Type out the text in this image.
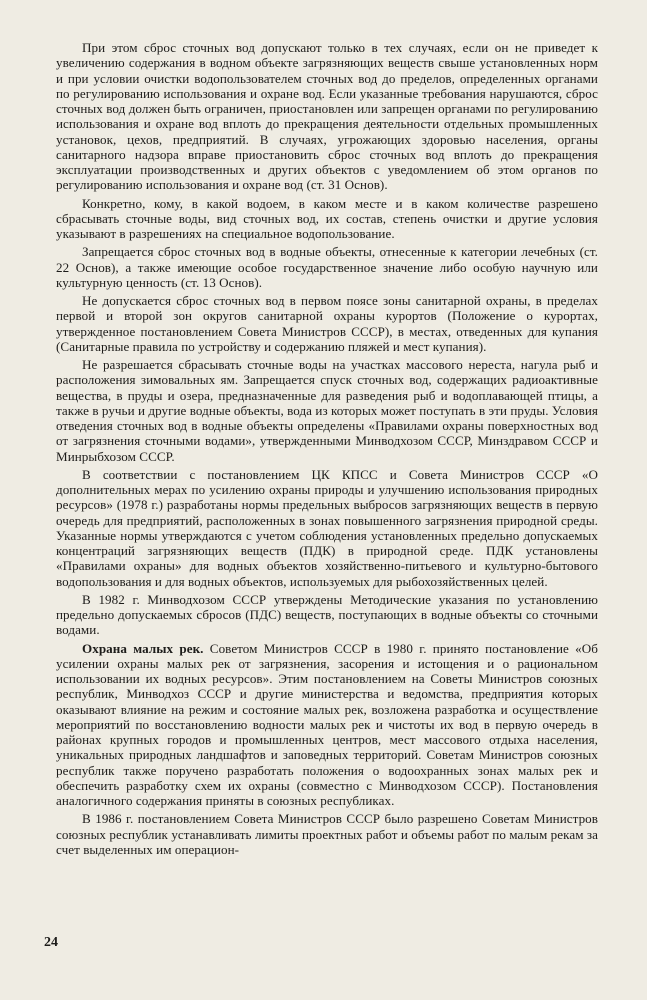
При этом сброс сточных вод допускают только в тех случаях, если он не приведет к увеличению содержания в водном объекте загрязняющих веществ свыше установленных норм и при условии очистки водопользователем сточных вод до пределов, определенных органами по регулированию использования и охране вод. Если указанные требования нарушаются, сброс сточных вод должен быть ограничен, приостановлен или запрещен органами по регулированию использования и охране вод вплоть до прекращения деятельности отдельных промышленных установок, цехов, предприятий. В случаях, угрожающих здоровью населения, органы санитарного надзора вправе приостановить сброс сточных вод вплоть до прекращения эксплуатации производственных и других объектов с уведомлением об этом органов по регулированию использования и охране вод (ст. 31 Основ).

Конкретно, кому, в какой водоем, в каком месте и в каком количестве разрешено сбрасывать сточные воды, вид сточных вод, их состав, степень очистки и другие условия указывают в разрешениях на специальное водопользование.

Запрещается сброс сточных вод в водные объекты, отнесенные к категории лечебных (ст. 22 Основ), а также имеющие особое государственное значение либо особую научную или культурную ценность (ст. 13 Основ).

Не допускается сброс сточных вод в первом поясе зоны санитарной охраны, в пределах первой и второй зон округов санитарной охраны курортов (Положение о курортах, утвержденное постановлением Совета Министров СССР), в местах, отведенных для купания (Санитарные правила по устройству и содержанию пляжей и мест купания).

Не разрешается сбрасывать сточные воды на участках массового нереста, нагула рыб и расположения зимовальных ям. Запрещается спуск сточных вод, содержащих радиоактивные вещества, в пруды и озера, предназначенные для разведения рыб и водоплавающей птицы, а также в ручьи и другие водные объекты, вода из которых может поступать в эти пруды. Условия отведения сточных вод в водные объекты определены «Правилами охраны поверхностных вод от загрязнения сточными водами», утвержденными Минводхозом СССР, Минздравом СССР и Минрыбхозом СССР.

В соответствии с постановлением ЦК КПСС и Совета Министров СССР «О дополнительных мерах по усилению охраны природы и улучшению использования природных ресурсов» (1978 г.) разработаны нормы предельных выбросов загрязняющих веществ в первую очередь для предприятий, расположенных в зонах повышенного загрязнения природной среды. Указанные нормы утверждаются с учетом соблюдения установленных предельно допускаемых концентраций загрязняющих веществ (ПДК) в природной среде. ПДК установлены «Правилами охраны» для водных объектов хозяйственно-питьевого и культурно-бытового водопользования и для водных объектов, используемых для рыбохозяйственных целей.

В 1982 г. Минводхозом СССР утверждены Методические указания по установлению предельно допускаемых сбросов (ПДС) веществ, поступающих в водные объекты со сточными водами.

Охрана малых рек. Советом Министров СССР в 1980 г. принято постановление «Об усилении охраны малых рек от загрязнения, засорения и истощения и о рациональном использовании их водных ресурсов». Этим постановлением на Советы Министров союзных республик, Минводхоз СССР и другие министерства и ведомства, предприятия которых оказывают влияние на режим и состояние малых рек, возложена разработка и осуществление мероприятий по восстановлению водности малых рек и чистоты их вод в первую очередь в районах крупных городов и промышленных центров, мест массового отдыха населения, уникальных природных ландшафтов и заповедных территорий. Советам Министров союзных республик также поручено разработать положения о водоохранных зонах малых рек и обеспечить разработку схем их охраны (совместно с Минводхозом СССР). Постановления аналогичного содержания приняты в союзных республиках.

В 1986 г. постановлением Совета Министров СССР было разрешено Советам Министров союзных республик устанавливать лимиты проектных работ и объемы работ по малым рекам за счет выделенных им операцион-

24
